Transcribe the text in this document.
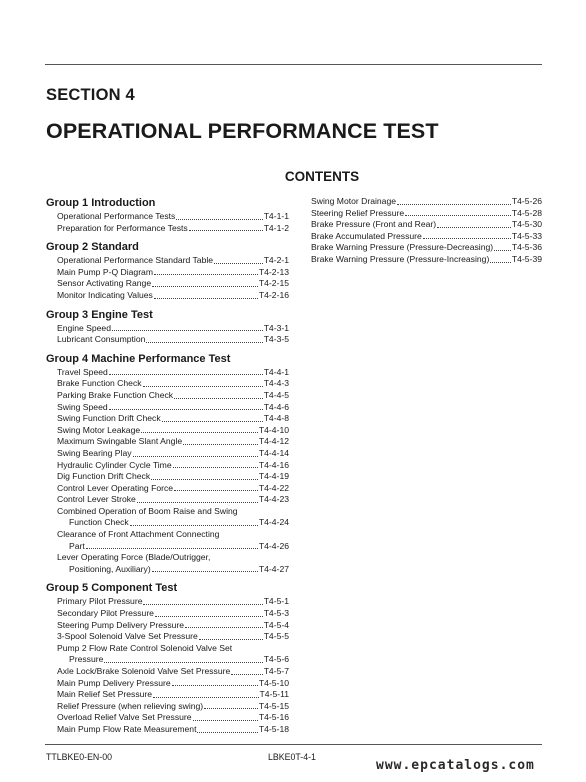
SECTION 4
OPERATIONAL PERFORMANCE TEST
CONTENTS
Group 1 Introduction
Operational Performance Tests	T4-1-1
Preparation for Performance Tests	T4-1-2
Group 2 Standard
Operational Performance Standard Table	T4-2-1
Main Pump P-Q Diagram	T4-2-13
Sensor Activating Range	T4-2-15
Monitor Indicating Values	T4-2-16
Group 3 Engine Test
Engine Speed	T4-3-1
Lubricant Consumption	T4-3-5
Group 4 Machine Performance Test
Travel Speed	T4-4-1
Brake Function Check	T4-4-3
Parking Brake Function Check	T4-4-5
Swing Speed	T4-4-6
Swing Function Drift Check	T4-4-8
Swing Motor Leakage	T4-4-10
Maximum Swingable Slant Angle	T4-4-12
Swing Bearing Play	T4-4-14
Hydraulic Cylinder Cycle Time	T4-4-16
Dig Function Drift Check	T4-4-19
Control Lever Operating Force	T4-4-22
Control Lever Stroke	T4-4-23
Combined Operation of Boom Raise and Swing
Function Check	T4-4-24
Clearance of Front Attachment Connecting
Part	T4-4-26
Lever Operating Force (Blade/Outrigger,
Positioning, Auxiliary)	T4-4-27
Group 5 Component Test
Primary Pilot Pressure	T4-5-1
Secondary Pilot Pressure	T4-5-3
Steering Pump Delivery Pressure	T4-5-4
3-Spool Solenoid Valve Set Pressure	T4-5-5
Pump 2 Flow Rate Control Solenoid Valve Set
Pressure	T4-5-6
Axle Lock/Brake Solenoid Valve Set Pressure	T4-5-7
Main Pump Delivery Pressure	T4-5-10
Main Relief Set Pressure	T4-5-11
Relief Pressure (when relieving swing)	T4-5-15
Overload Relief Valve Set Pressure	T4-5-16
Main Pump Flow Rate Measurement	T4-5-18
Swing Motor Drainage	T4-5-26
Steering Relief Pressure	T4-5-28
Brake Pressure (Front and Rear)	T4-5-30
Brake Accumulated Pressure	T4-5-33
Brake Warning Pressure (Pressure-Decreasing) T4-5-36
Brake Warning Pressure (Pressure-Increasing)	T4-5-39
TTLBKE0-EN-00	LBKE0T-4-1
www.epcatalogs.com
